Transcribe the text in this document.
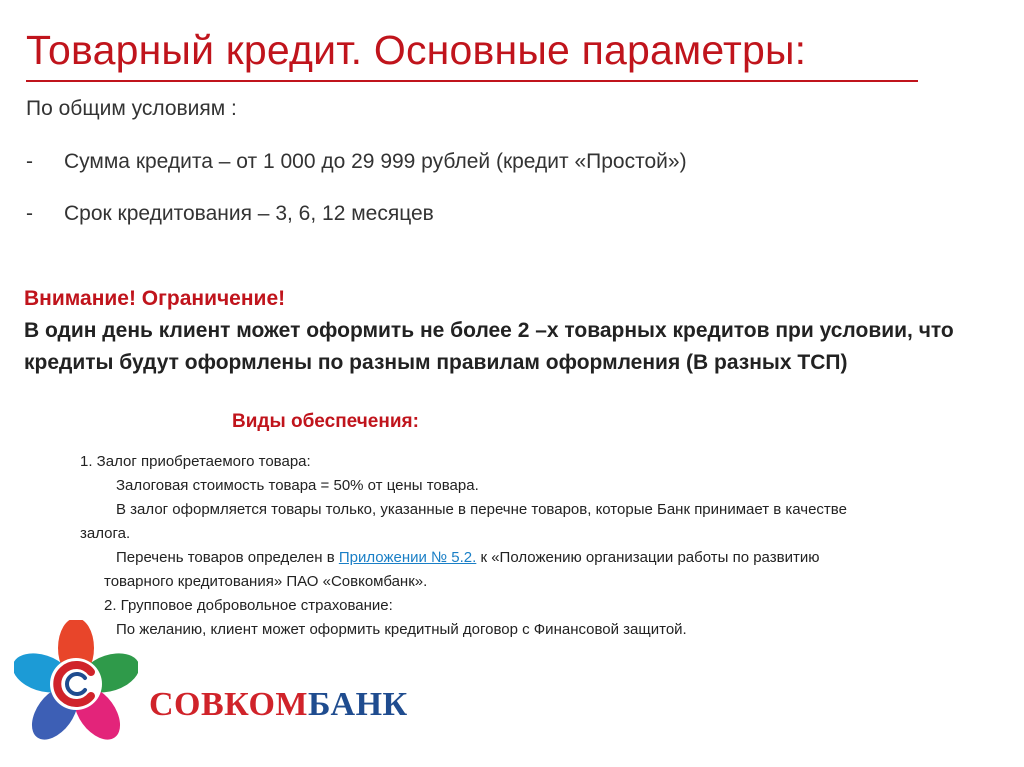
Товарный кредит. Основные параметры:
По общим условиям :
- Сумма кредита – от 1 000 до 29 999 рублей (кредит «Простой»)
- Срок кредитования – 3, 6, 12 месяцев
Внимание! Ограничение!
В один день клиент может оформить не более 2 –х товарных кредитов при условии, что кредиты будут оформлены по разным правилам оформления (В разных ТСП)
Виды обеспечения:
1. Залог приобретаемого товара:
Залоговая стоимость товара = 50% от цены товара.
В залог оформляется товары только, указанные в перечне товаров, которые Банк принимает в качестве
залога.
Перечень товаров определен в Приложении № 5.2. к «Положению организации работы по развитию
товарного кредитования» ПАО «Совкомбанк».
2. Групповое добровольное страхование:
По желанию, клиент может оформить кредитный договор с Финансовой защитой.
СОВКОМБАНК
